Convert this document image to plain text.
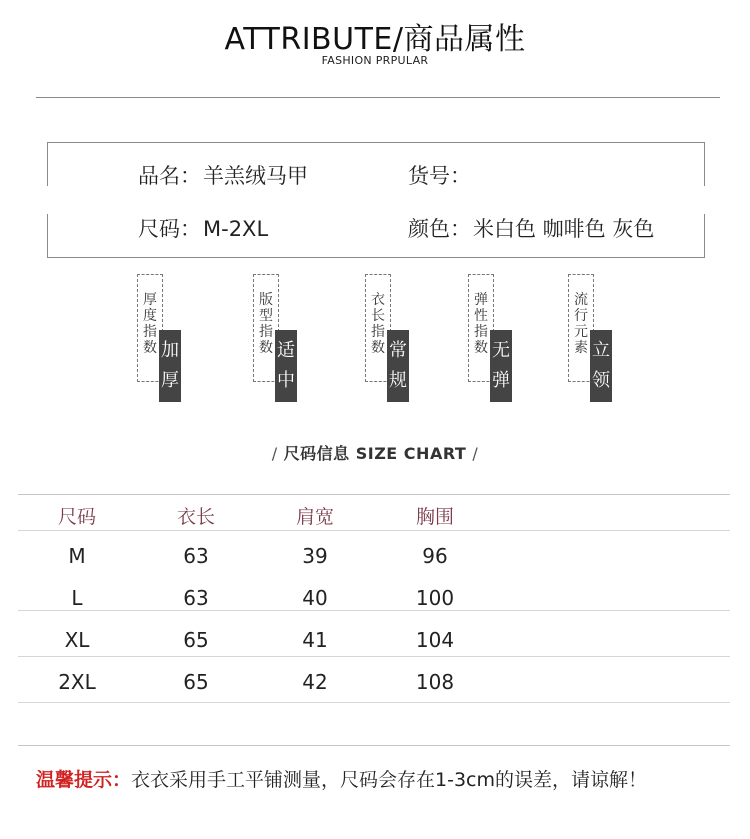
ATTRIBUTE/商品属性
FASHION PRPULAR
品名：羊羔绒马甲	货号：
尺码：M-2XL	颜色：米白色 咖啡色 灰色
厚度指数 加厚
版型指数 适中
衣长指数 常规
弹性指数 无弹
流行元素 立领
/ 尺码信息 SIZE CHART /
尺码	衣长	肩宽	胸围
M	63	39	96
L	63	40	100
XL	65	41	104
2XL	65	42	108
温馨提示：衣衣采用手工平铺测量，尺码会存在1-3cm的误差，请谅解！
